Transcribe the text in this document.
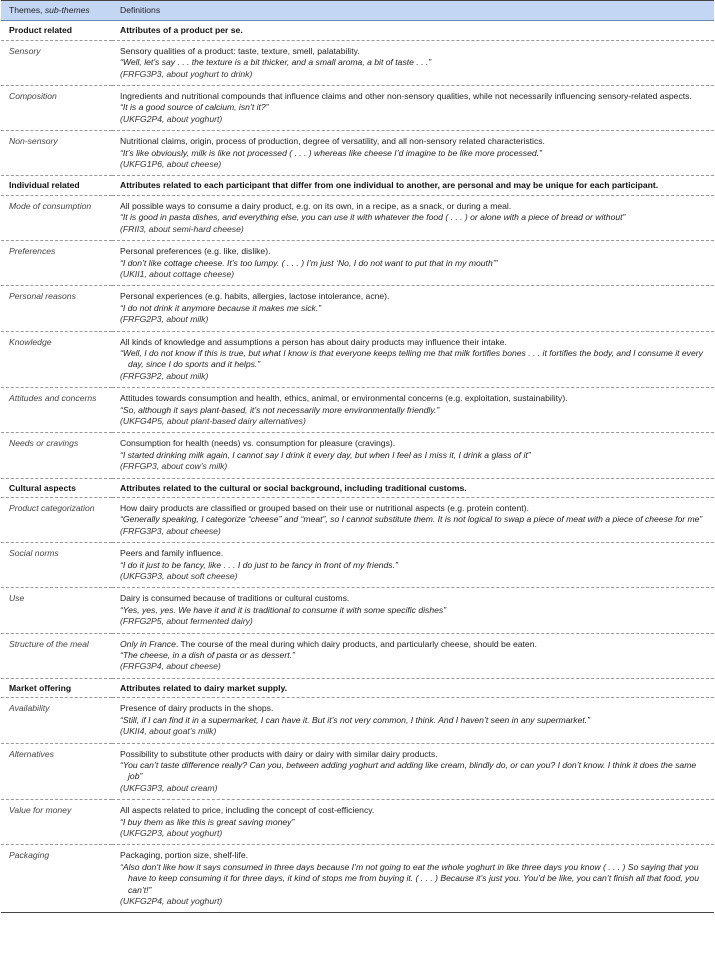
Themes, sub-themes	Definitions
Product related	Attributes of a product per se.
Sensory	Sensory qualities of a product: taste, texture, smell, palatability.
“Well, let’s say . . . the texture is a bit thicker, and a small aroma, a bit of taste . . .”
(FRFG3P3, about yoghurt to drink)

Composition	Ingredients and nutritional compounds that influence claims and other non-sensory qualities, while not necessarily influencing sensory-related aspects.
“It is a good source of calcium, isn’t it?”
(UKFG2P4, about yoghurt)

Non-sensory	Nutritional claims, origin, process of production, degree of versatility, and all non-sensory related characteristics.
“It’s like obviously, milk is like not processed ( . . . ) whereas like cheese I’d imagine to be like more processed.”
(UKFG1P6, about cheese)

Individual related	Attributes related to each participant that differ from one individual to another, are personal and may be unique for each participant.
Mode of consumption	All possible ways to consume a dairy product, e.g. on its own, in a recipe, as a snack, or during a meal.
“It is good in pasta dishes, and everything else, you can use it with whatever the food ( . . . ) or alone with a piece of bread or without”
(FRII3, about semi-hard cheese)

Preferences	Personal preferences (e.g. like, dislike).
“I don’t like cottage cheese. It’s too lumpy. ( . . . ) I’m just ‘No, I do not want to put that in my mouth’”
(UKII1, about cottage cheese)

Personal reasons	Personal experiences (e.g. habits, allergies, lactose intolerance, acne).
“I do not drink it anymore because it makes me sick.”
(FRFG2P3, about milk)

Knowledge	All kinds of knowledge and assumptions a person has about dairy products may influence their intake.
“Well, I do not know if this is true, but what I know is that everyone keeps telling me that milk fortifies bones . . . it fortifies the body, and I consume it every day, since I do sports and it helps.”
(FRFG3P2, about milk)

Attitudes and concerns	Attitudes towards consumption and health, ethics, animal, or environmental concerns (e.g. exploitation, sustainability).
“So, although it says plant-based, it’s not necessarily more environmentally friendly.”
(UKFG4P5, about plant-based dairy alternatives)

Needs or cravings	Consumption for health (needs) vs. consumption for pleasure (cravings).
“I started drinking milk again, I cannot say I drink it every day, but when I feel as I miss it, I drink a glass of it”
(FRFGP3, about cow’s milk)

Cultural aspects	Attributes related to the cultural or social background, including traditional customs.
Product categorization	How dairy products are classified or grouped based on their use or nutritional aspects (e.g. protein content).
“Generally speaking, I categorize “cheese” and “meat”, so I cannot substitute them. It is not logical to swap a piece of meat with a piece of cheese for me”
(FRFG3P3, about cheese)

Social norms	Peers and family influence.
“I do it just to be fancy, like . . . I do just to be fancy in front of my friends.”
(UKFG3P3, about soft cheese)

Use	Dairy is consumed because of traditions or cultural customs.
“Yes, yes, yes. We have it and it is traditional to consume it with some specific dishes”
(FRFG2P5, about fermented dairy)

Structure of the meal	Only in France. The course of the meal during which dairy products, and particularly cheese, should be eaten.
“The cheese, in a dish of pasta or as dessert.”
(FRFG3P4, about cheese)

Market offering	Attributes related to dairy market supply.
Availability	Presence of dairy products in the shops.
“Still, if I can find it in a supermarket, I can have it. But it’s not very common, I think. And I haven’t seen in any supermarket.”
(UKII4, about goat’s milk)

Alternatives	Possibility to substitute other products with dairy or dairy with similar dairy products.
“You can’t taste difference really? Can you, between adding yoghurt and adding like cream, blindly do, or can you? I don’t know. I think it does the same job”
(UKFG3P3, about cream)

Value for money	All aspects related to price, including the concept of cost-efficiency.
“I buy them as like this is great saving money”
(UKFG2P3, about yoghurt)

Packaging	Packaging, portion size, shelf-life.
“Also don’t like how it says consumed in three days because I’m not going to eat the whole yoghurt in like three days you know ( . . . ) So saying that you have to keep consuming it for three days, it kind of stops me from buying it. ( . . . ) Because it’s just you. You’d be like, you can’t finish all that food, you can’t!”
(UKFG2P4, about yoghurt)
